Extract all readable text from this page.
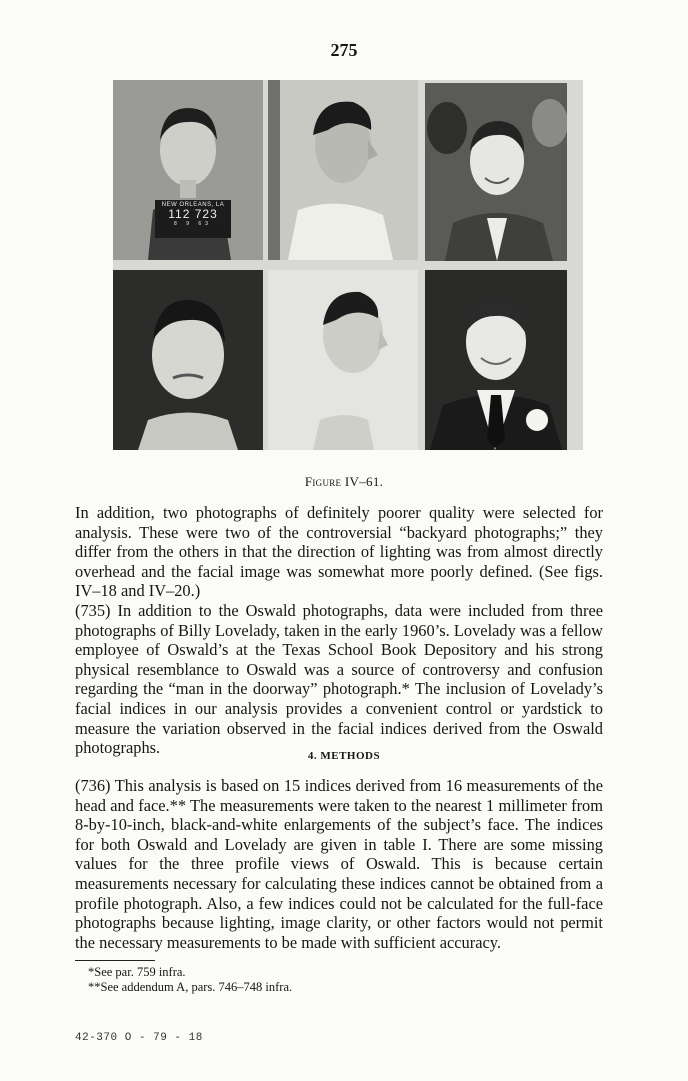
275
NEW ORLEANS, LA
112 723
8 9 63
Figure IV–61.

In addition, two photographs of definitely poorer quality were selected for analysis. These were two of the controversial “backyard photographs;” they differ from the others in that the direction of lighting was from almost directly overhead and the facial image was somewhat more poorly defined. (See figs. IV–18 and IV–20.)

(735) In addition to the Oswald photographs, data were included from three photographs of Billy Lovelady, taken in the early 1960’s. Lovelady was a fellow employee of Oswald’s at the Texas School Book Depository and his strong physical resemblance to Oswald was a source of controversy and confusion regarding the “man in the doorway” photograph.* The inclusion of Lovelady’s facial indices in our analysis provides a convenient control or yardstick to measure the variation observed in the facial indices derived from the Oswald photographs.	4. METHODS

(736) This analysis is based on 15 indices derived from 16 measurements of the head and face.** The measurements were taken to the nearest 1 millimeter from 8-by-10-inch, black-and-white enlargements of the subject’s face. The indices for both Oswald and Lovelady are given in table I. There are some missing values for the three profile views of Oswald. This is because certain measurements necessary for calculating these indices cannot be obtained from a profile photograph. Also, a few indices could not be calculated for the full-face photographs because lighting, image clarity, or other factors would not permit the necessary measurements to be made with sufficient accuracy.

*See par. 759 infra.
**See addendum A, pars. 746–748 infra.
42-370 O - 79 - 18
